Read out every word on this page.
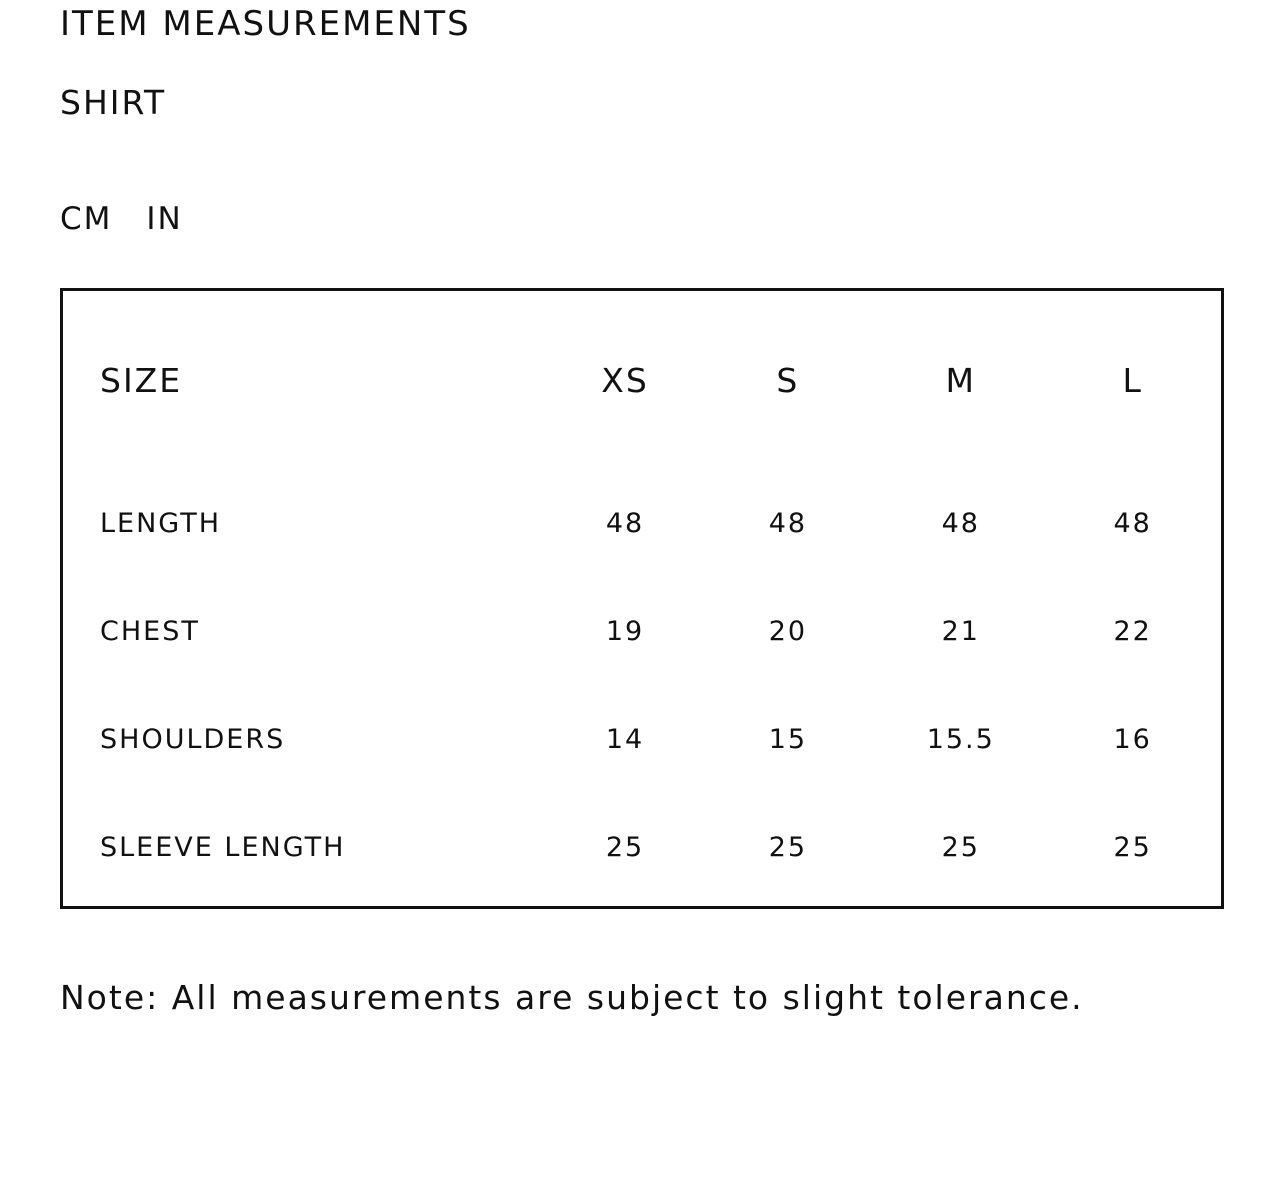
ITEM MEASUREMENTS
SHIRT
CM IN
SIZE	XS	S	M	L
LENGTH	48	48	48	48
CHEST	19	20	21	22
SHOULDERS	14	15	15.5	16
SLEEVE LENGTH	25	25	25	25
Note: All measurements are subject to slight tolerance.
